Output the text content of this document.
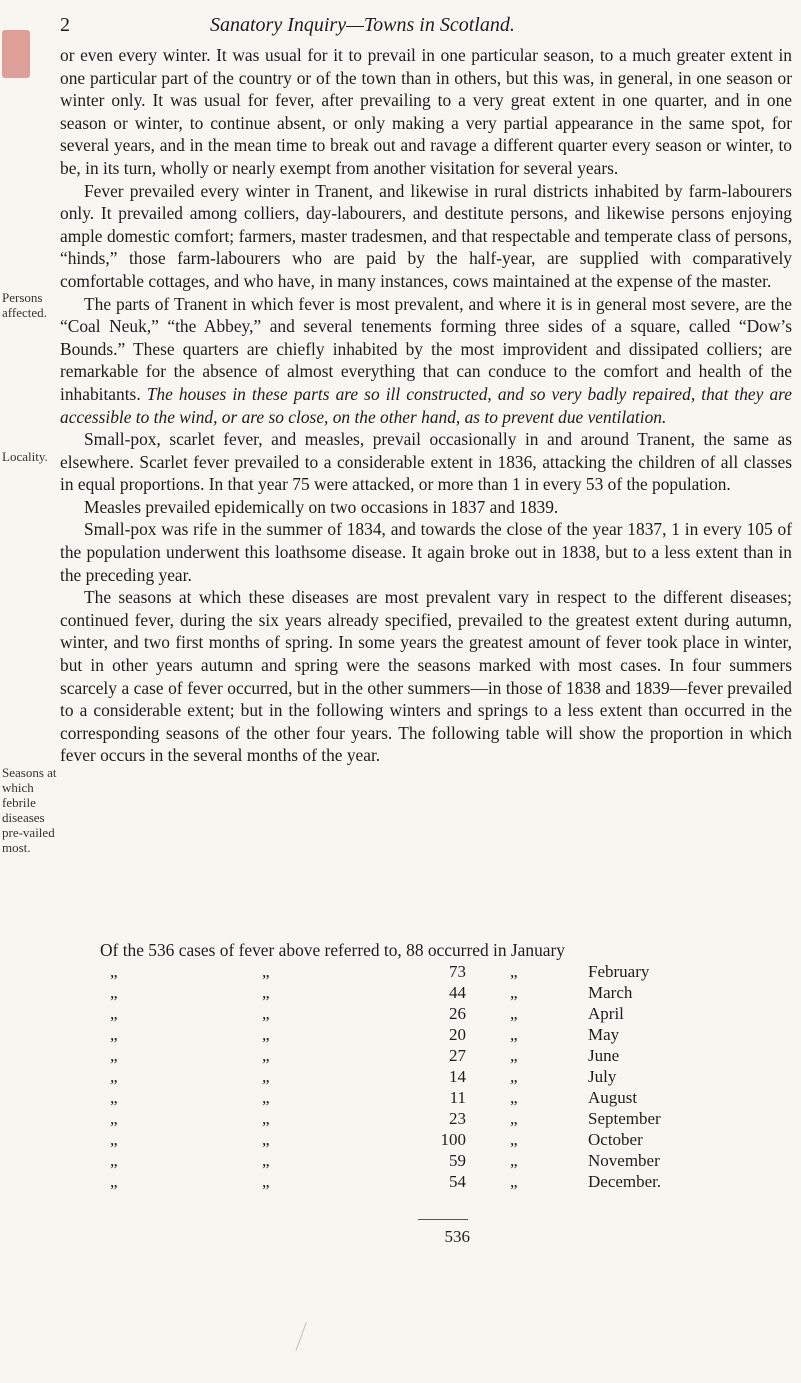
2	Sanatory Inquiry—Towns in Scotland.
Persons affected.
Locality.
Seasons at which febrile diseases pre-vailed most.

or even every winter. It was usual for it to prevail in one particular season, to a much greater extent in one particular part of the country or of the town than in others, but this was, in general, in one season or winter only. It was usual for fever, after prevailing to a very great extent in one quarter, and in one season or winter, to continue absent, or only making a very partial appearance in the same spot, for several years, and in the mean time to break out and ravage a different quarter every season or winter, to be, in its turn, wholly or nearly exempt from another visitation for several years.

Fever prevailed every winter in Tranent, and likewise in rural districts inhabited by farm-labourers only. It prevailed among colliers, day-labourers, and destitute persons, and likewise persons enjoying ample domestic comfort; farmers, master tradesmen, and that respectable and temperate class of persons, “hinds,” those farm-labourers who are paid by the half-year, are supplied with comparatively comfortable cottages, and who have, in many instances, cows maintained at the expense of the master.

The parts of Tranent in which fever is most prevalent, and where it is in general most severe, are the “Coal Neuk,” “the Abbey,” and several tenements forming three sides of a square, called “Dow’s Bounds.” These quarters are chiefly inhabited by the most improvident and dissipated colliers; are remarkable for the absence of almost everything that can conduce to the comfort and health of the inhabitants. The houses in these parts are so ill constructed, and so very badly repaired, that they are accessible to the wind, or are so close, on the other hand, as to prevent due ventilation.

Small-pox, scarlet fever, and measles, prevail occasionally in and around Tranent, the same as elsewhere. Scarlet fever prevailed to a considerable extent in 1836, attacking the children of all classes in equal proportions. In that year 75 were attacked, or more than 1 in every 53 of the population.

Measles prevailed epidemically on two occasions in 1837 and 1839.

Small-pox was rife in the summer of 1834, and towards the close of the year 1837, 1 in every 105 of the population underwent this loathsome disease. It again broke out in 1838, but to a less extent than in the preceding year.

The seasons at which these diseases are most prevalent vary in respect to the different diseases; continued fever, during the six years already specified, prevailed to the greatest extent during autumn, winter, and two first months of spring. In some years the greatest amount of fever took place in winter, but in other years autumn and spring were the seasons marked with most cases. In four summers scarcely a case of fever occurred, but in the other summers—in those of 1838 and 1839—fever prevailed to a considerable extent; but in the following winters and springs to a less extent than occurred in the corresponding seasons of the other four years. The following table will show the proportion in which fever occurs in the several months of the year.

Of the 536 cases of fever above referred to, 88 occurred in January
„	„	73	„	February
„	„	44	„	March
„	„	26	„	April
„	„	20	„	May
„	„	27	„	June
„	„	14	„	July
„	„	11	„	August
„	„	23	„	September
„	„	100	„	October
„	„	59	„	November
„	„	54	„	December.
536
